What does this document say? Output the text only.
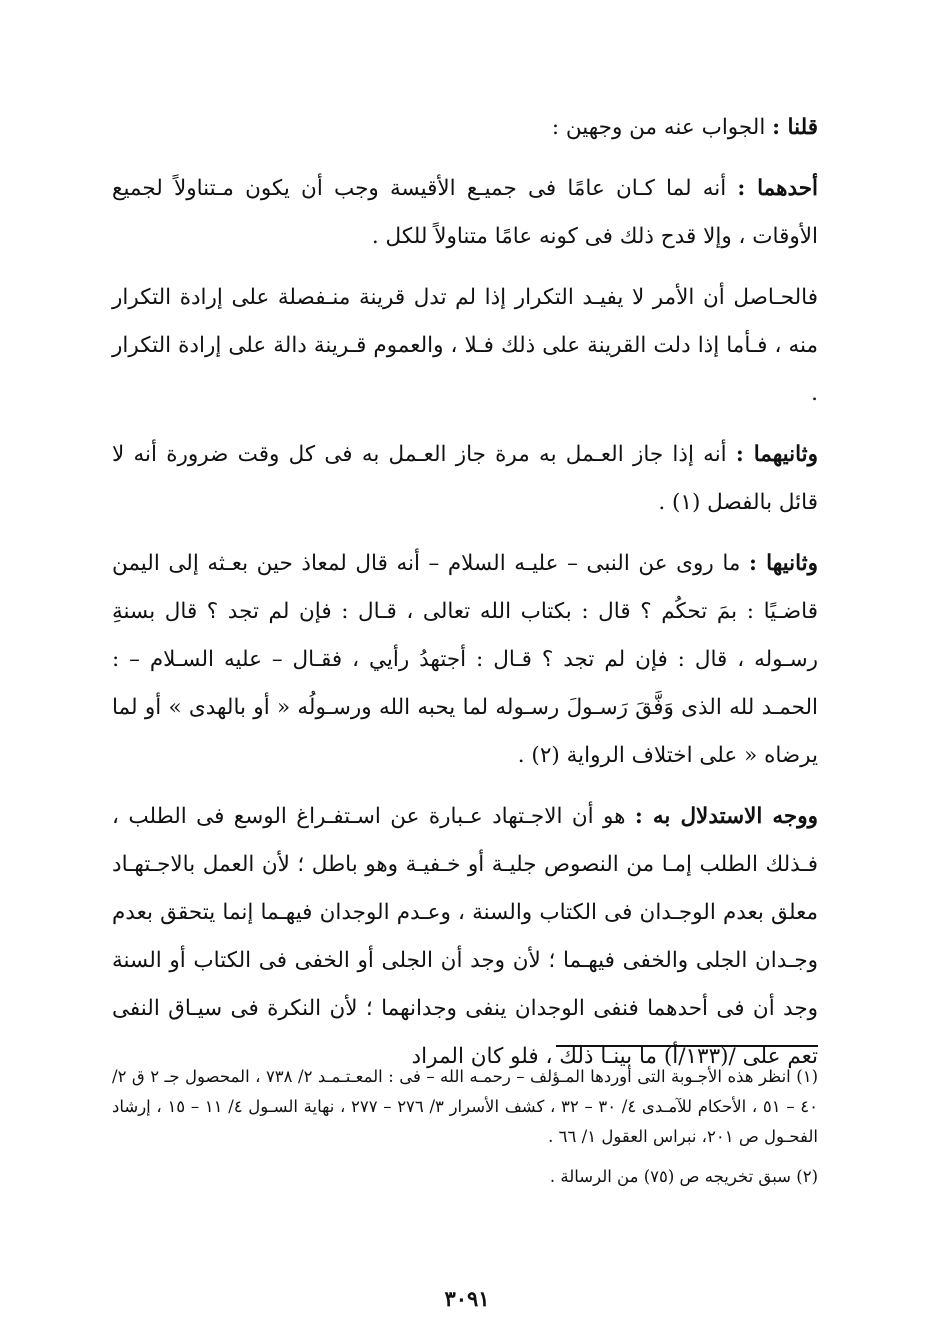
قلنا : الجواب عنه من وجهين :

أحدهما : أنه لما كـان عامًا فى جميـع الأقيسة وجب أن يكون مـتناولاً لجميع الأوقات ، وإلا قدح ذلك فى كونه عامًا متناولاً للكل .

فالحـاصل أن الأمر لا يفيـد التكرار إذا لم تدل قرينة منـفصلة على إرادة التكرار منه ، فـأما إذا دلت القرينة على ذلك فـلا ، والعموم قـرينة دالة على إرادة التكرار .

وثانيهما : أنه إذا جاز العـمل به مرة جاز العـمل به فى كل وقت ضرورة أنه لا قائل بالفصل (١) .

وثانيها : ما روى عن النبى – عليـه السلام – أنه قال لمعاذ حين بعـثه إلى اليمن قاضـيًا : بمَ تحكُم ؟ قال : بكتاب الله تعالى ، قـال : فإن لم تجد ؟ قال بسنةِ رسـوله ، قال : فإن لم تجد ؟ قـال : أجتهدُ رأيي ، فقـال – عليه السـلام – : الحمـد لله الذى وَفَّقَ رَسـولَ رسـوله لما يحبه الله ورسـولُه « أو بالهدى » أو لما يرضاه « على اختلاف الرواية (٢) .

ووجه الاستدلال به : هو أن الاجـتهاد عـبارة عن اسـتفـراغ الوسع فى الطلب ، فـذلك الطلب إمـا من النصوص جليـة أو خـفيـة وهو باطل ؛ لأن العمل بالاجـتهـاد معلق بعدم الوجـدان فى الكتاب والسنة ، وعـدم الوجدان فيهـما إنما يتحقق بعدم وجـدان الجلى والخفى فيهـما ؛ لأن وجد أن الجلى أو الخفى فى الكتاب أو السنة وجد أن فى أحدهما فنفى الوجدان ينفى وجدانهما ؛ لأن النكرة فى سيـاق النفى تعم على /(١٣٣/أ) ما بينـا ذلك ، فلو كان المراد

(١) انظر هذه الأجـوبة التى أوردها المـؤلف – رحمـه الله – فى : المعـتـمـد ٢/ ٧٣٨ ، المحصول جـ ٢ ق ٢/ ٤٠ – ٥١ ، الأحكام للآمـدى ٤/ ٣٠ – ٣٢ ، كشف الأسرار ٣/ ٢٧٦ – ٢٧٧ ، نهاية السـول ٤/ ١١ – ١٥ ، إرشاد الفحـول ص ٢٠١، نبراس العقول ١/ ٦٦ .

(٢) سبق تخريجه ص (٧٥) من الرسالة .

٣٠٩١
